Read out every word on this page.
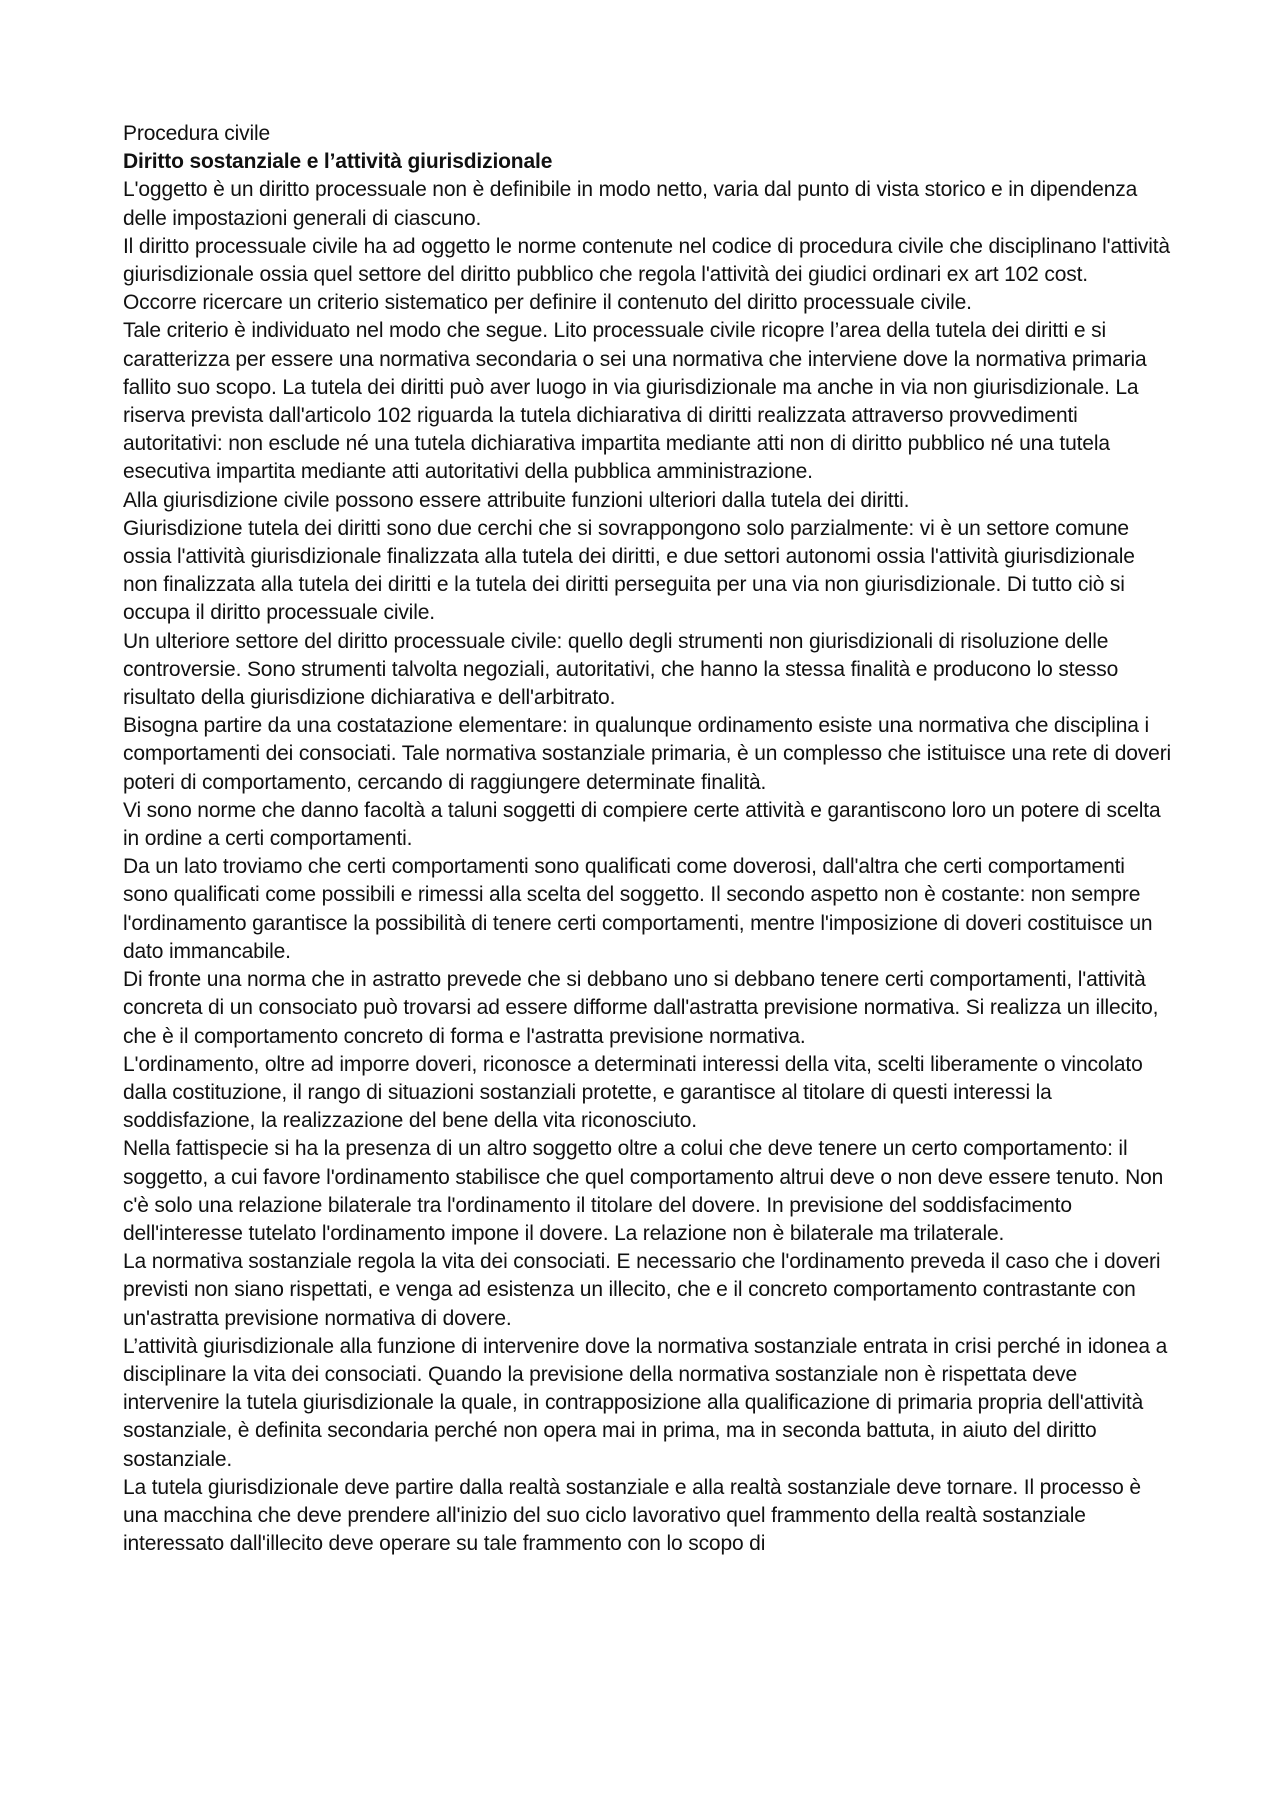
Procedura civile

Diritto sostanziale e l’attività giurisdizionale

L'oggetto è un diritto processuale non è definibile in modo netto, varia dal punto di vista storico e in dipendenza delle impostazioni generali di ciascuno.

Il diritto processuale civile ha ad oggetto le norme contenute nel codice di procedura civile che disciplinano l'attività giurisdizionale ossia quel settore del diritto pubblico che regola l'attività dei giudici ordinari ex art 102 cost.

Occorre ricercare un criterio sistematico per definire il contenuto del diritto processuale civile.

Tale criterio è individuato nel modo che segue. Lito processuale civile ricopre l’area della tutela dei diritti e si caratterizza per essere una normativa secondaria o sei una normativa che interviene dove la normativa primaria fallito suo scopo. La tutela dei diritti può aver luogo in via giurisdizionale ma anche in via non giurisdizionale. La riserva prevista dall'articolo 102 riguarda la tutela dichiarativa di diritti realizzata attraverso provvedimenti autoritativi: non esclude né una tutela dichiarativa impartita mediante atti non di diritto pubblico né una tutela esecutiva impartita mediante atti autoritativi della pubblica amministrazione.

Alla giurisdizione civile possono essere attribuite funzioni ulteriori dalla tutela dei diritti.

Giurisdizione tutela dei diritti sono due cerchi che si sovrappongono solo parzialmente: vi è un settore comune ossia l'attività giurisdizionale finalizzata alla tutela dei diritti, e due settori autonomi ossia l'attività giurisdizionale non finalizzata alla tutela dei diritti e la tutela dei diritti perseguita per una via non giurisdizionale. Di tutto ciò si occupa il diritto processuale civile.

Un ulteriore settore del diritto processuale civile: quello degli strumenti non giurisdizionali di risoluzione delle controversie. Sono strumenti talvolta negoziali, autoritativi, che hanno la stessa finalità e producono lo stesso risultato della giurisdizione dichiarativa e dell'arbitrato.

Bisogna partire da una costatazione elementare: in qualunque ordinamento esiste una normativa che disciplina i comportamenti dei consociati. Tale normativa sostanziale primaria, è un complesso che istituisce una rete di doveri poteri di comportamento, cercando di raggiungere determinate finalità.

Vi sono norme che danno facoltà a taluni soggetti di compiere certe attività e garantiscono loro un potere di scelta in ordine a certi comportamenti.

Da un lato troviamo che certi comportamenti sono qualificati come doverosi, dall'altra che certi comportamenti sono qualificati come possibili e rimessi alla scelta del soggetto. Il secondo aspetto non è costante: non sempre l'ordinamento garantisce la possibilità di tenere certi comportamenti, mentre l'imposizione di doveri costituisce un dato immancabile.

Di fronte una norma che in astratto prevede che si debbano uno si debbano tenere certi comportamenti, l'attività concreta di un consociato può trovarsi ad essere difforme dall'astratta previsione normativa. Si realizza un illecito, che è il comportamento concreto di forma e l'astratta previsione normativa.

L'ordinamento, oltre ad imporre doveri, riconosce a determinati interessi della vita, scelti liberamente o vincolato dalla costituzione, il rango di situazioni sostanziali protette, e garantisce al titolare di questi interessi la soddisfazione, la realizzazione del bene della vita riconosciuto.

Nella fattispecie si ha la presenza di un altro soggetto oltre a colui che deve tenere un certo comportamento: il soggetto, a cui favore l'ordinamento stabilisce che quel comportamento altrui deve o non deve essere tenuto. Non c'è solo una relazione bilaterale tra l'ordinamento il titolare del dovere. In previsione del soddisfacimento dell'interesse tutelato l'ordinamento impone il dovere. La relazione non è bilaterale ma trilaterale.

La normativa sostanziale regola la vita dei consociati. E necessario che l'ordinamento preveda il caso che i doveri previsti non siano rispettati, e venga ad esistenza un illecito, che e il concreto comportamento contrastante con un'astratta previsione normativa di dovere.

L’attività giurisdizionale alla funzione di intervenire dove la normativa sostanziale entrata in crisi perché in idonea a disciplinare la vita dei consociati. Quando la previsione della normativa sostanziale non è rispettata deve intervenire la tutela giurisdizionale la quale, in contrapposizione alla qualificazione di primaria propria dell'attività sostanziale, è definita secondaria perché non opera mai in prima, ma in seconda battuta, in aiuto del diritto sostanziale.

La tutela giurisdizionale deve partire dalla realtà sostanziale e alla realtà sostanziale deve tornare. Il processo è una macchina che deve prendere all'inizio del suo ciclo lavorativo quel frammento della realtà sostanziale interessato dall'illecito deve operare su tale frammento con lo scopo di
